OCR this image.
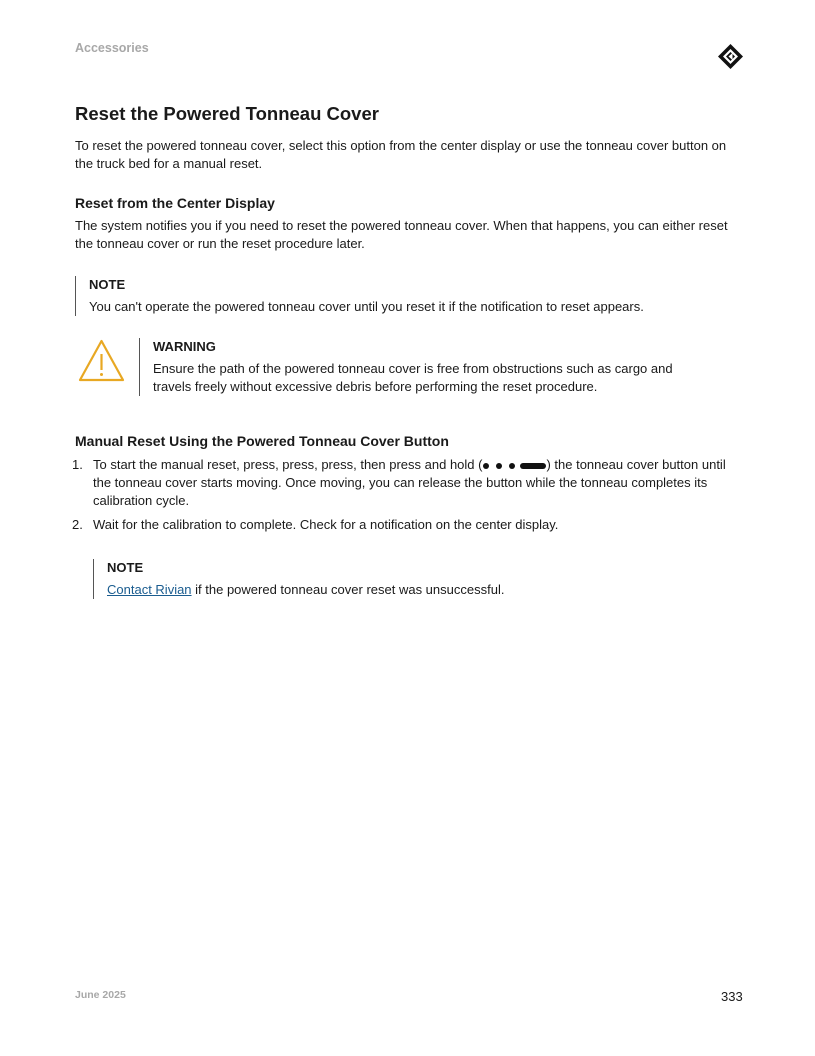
Accessories
Reset the Powered Tonneau Cover

To reset the powered tonneau cover, select this option from the center display or use the tonneau cover button on the truck bed for a manual reset.

Reset from the Center Display

The system notifies you if you need to reset the powered tonneau cover. When that happens, you can either reset the tonneau cover or run the reset procedure later.

NOTE
You can't operate the powered tonneau cover until you reset it if the notification to reset appears.
WARNING
Ensure the path of the powered tonneau cover is free from obstructions such as cargo and travels freely without excessive debris before performing the reset procedure.
Manual Reset Using the Powered Tonneau Cover Button
1. To start the manual reset, press, press, press, then press and hold (	) the tonneau cover button until the tonneau cover starts moving. Once moving, you can release the button while the tonneau completes its calibration cycle.
2. Wait for the calibration to complete. Check for a notification on the center display.
NOTE
Contact Rivian if the powered tonneau cover reset was unsuccessful.
June 2025	333
